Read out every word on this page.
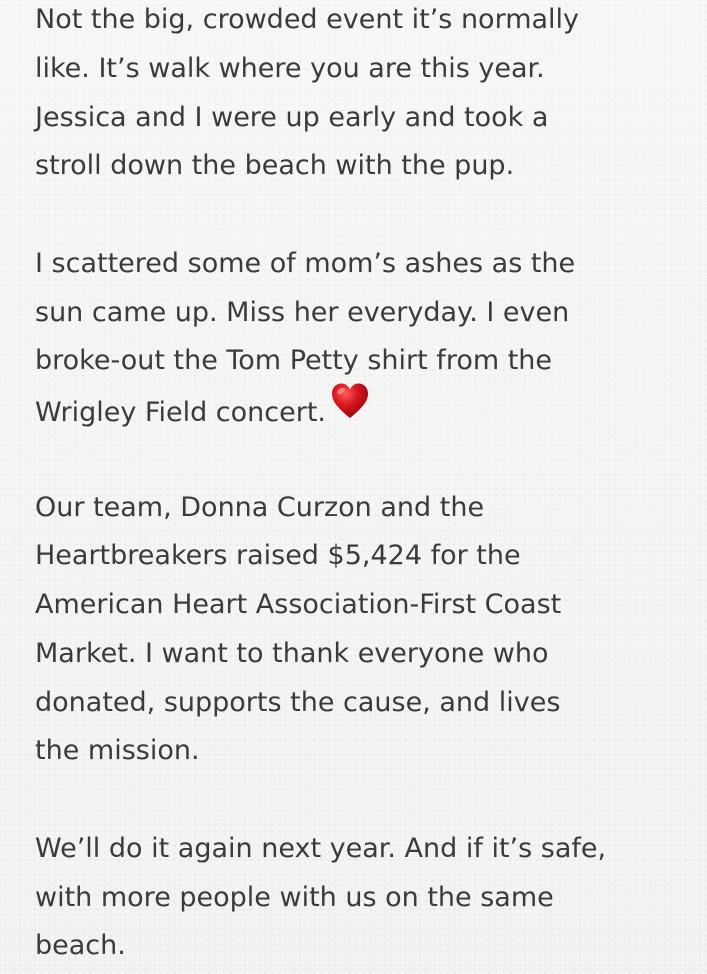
Not the big, crowded event it’s normally
like. It’s walk where you are this year.
Jessica and I were up early and took a
stroll down the beach with the pup.

I scattered some of mom’s ashes as the
sun came up. Miss her everyday. I even
broke-out the Tom Petty shirt from the
Wrigley Field concert.

Our team, Donna Curzon and the
Heartbreakers raised $5,424 for the
American Heart Association-First Coast
Market. I want to thank everyone who
donated, supports the cause, and lives
the mission.

We’ll do it again next year. And if it’s safe,
with more people with us on the same
beach.
